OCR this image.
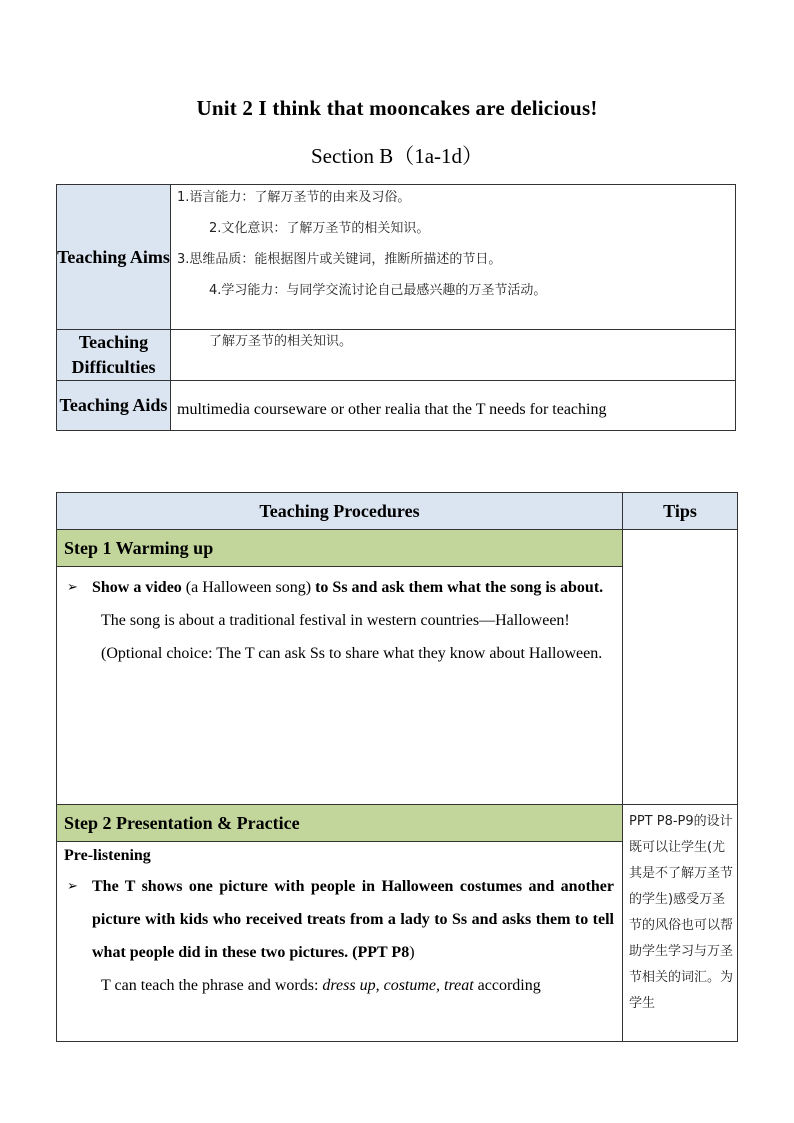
Unit 2 I think that mooncakes are delicious!
Section B（1a-1d）
Teaching Aims	1.语言能力：了解万圣节的由来及习俗。
2.文化意识：了解万圣节的相关知识。
3.思维品质：能根据图片或关键词，推断所描述的节日。
4.学习能力：与同学交流讨论自己最感兴趣的万圣节活动。

Teaching Difficulties	了解万圣节的相关知识。

Teaching Aids	multimedia courseware or other realia that the T needs for teaching
Teaching Procedures	Tips
Step 1 Warming up	

➢ Show a video (a Halloween song) to Ss and ask them what the song is about.
The song is about a traditional festival in western countries—Halloween!
(Optional choice: The T can ask Ss to share what they know about Halloween.	

Step 2 Presentation & Practice	PPT P8-P9的设计既可以让学生(尤其是不了解万圣节的学生)感受万圣节的风俗也可以帮助学生学习与万圣节相关的词汇。为学生

Pre-listening
➢ The T shows one picture with people in Halloween costumes and another picture with kids who received treats from a lady to Ss and asks them to tell what people did in these two pictures. (PPT P8)
T can teach the phrase and words: dress up, costume, treat according	
